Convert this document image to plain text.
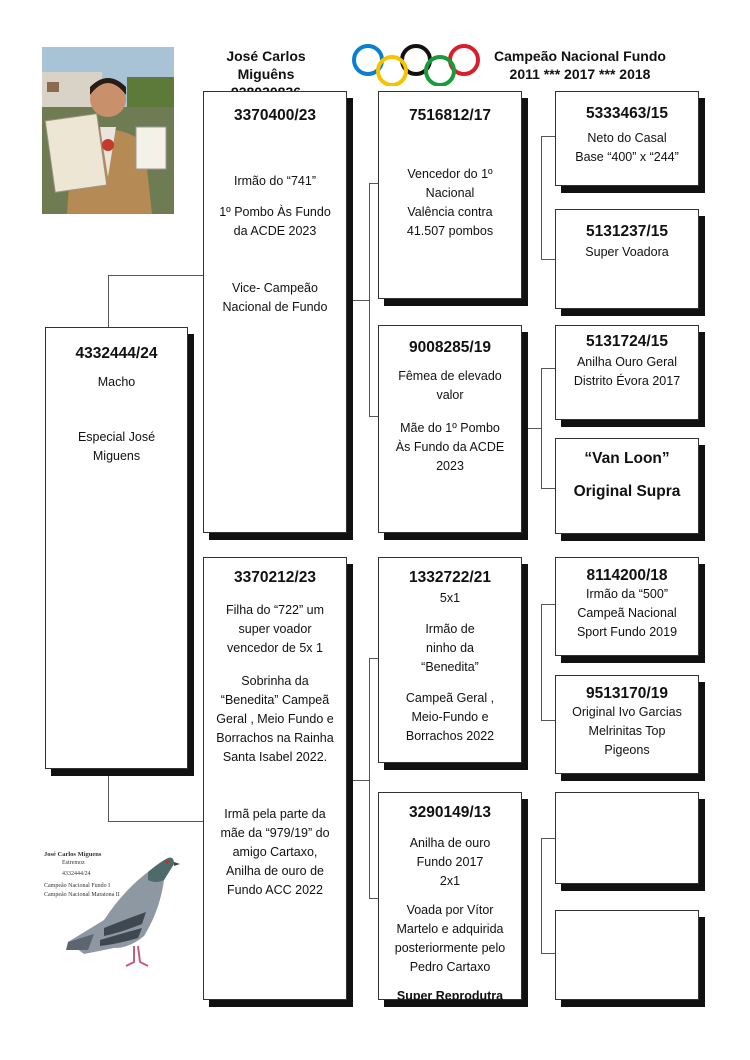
José Carlos Miguêns

Campeão Nacional Fundo
2011 *** 2017 *** 2018
4332444/24
Macho
Especial José Miguens
3370400/23
Irmão do “741”
1º Pombo Às Fundo da ACDE 2023
Vice- Campeão Nacional de Fundo
3370212/23
Filha do “722” um super voador vencedor de 5x 1
Sobrinha da “Benedita” Campeã Geral , Meio Fundo e Borrachos na Rainha Santa Isabel 2022.
Irmã pela parte da mãe da “979/19” do amigo Cartaxo, Anilha de ouro de Fundo ACC 2022
7516812/17
Vencedor do 1º Nacional Valência contra 41.507 pombos
9008285/19
Fêmea de elevado valor
Mãe do 1º Pombo Às Fundo da ACDE 2023
1332722/21
5x1
Irmão de ninho da “Benedita”
Campeã Geral , Meio-Fundo e Borrachos 2022
3290149/13
Anilha de ouro Fundo 2017 2x1
Voada por Vítor Martelo e adquirida posteriormente pelo Pedro Cartaxo
Super Reprodutra
5333463/15
Neto do Casal Base “400” x “244”
5131237/15
Super Voadora
5131724/15
Anilha Ouro Geral Distrito Évora 2017
“Van Loon”
Original Supra
8114200/18
Irmão da “500” Campeã Nacional Sport Fundo 2019
9513170/19
Original Ivo Garcias Melrinitas Top Pigeons
José Carlos Miguens
Estremoz
4332444/24
Campeão Nacional Fundo I
Campeão Nacional Maratona II
